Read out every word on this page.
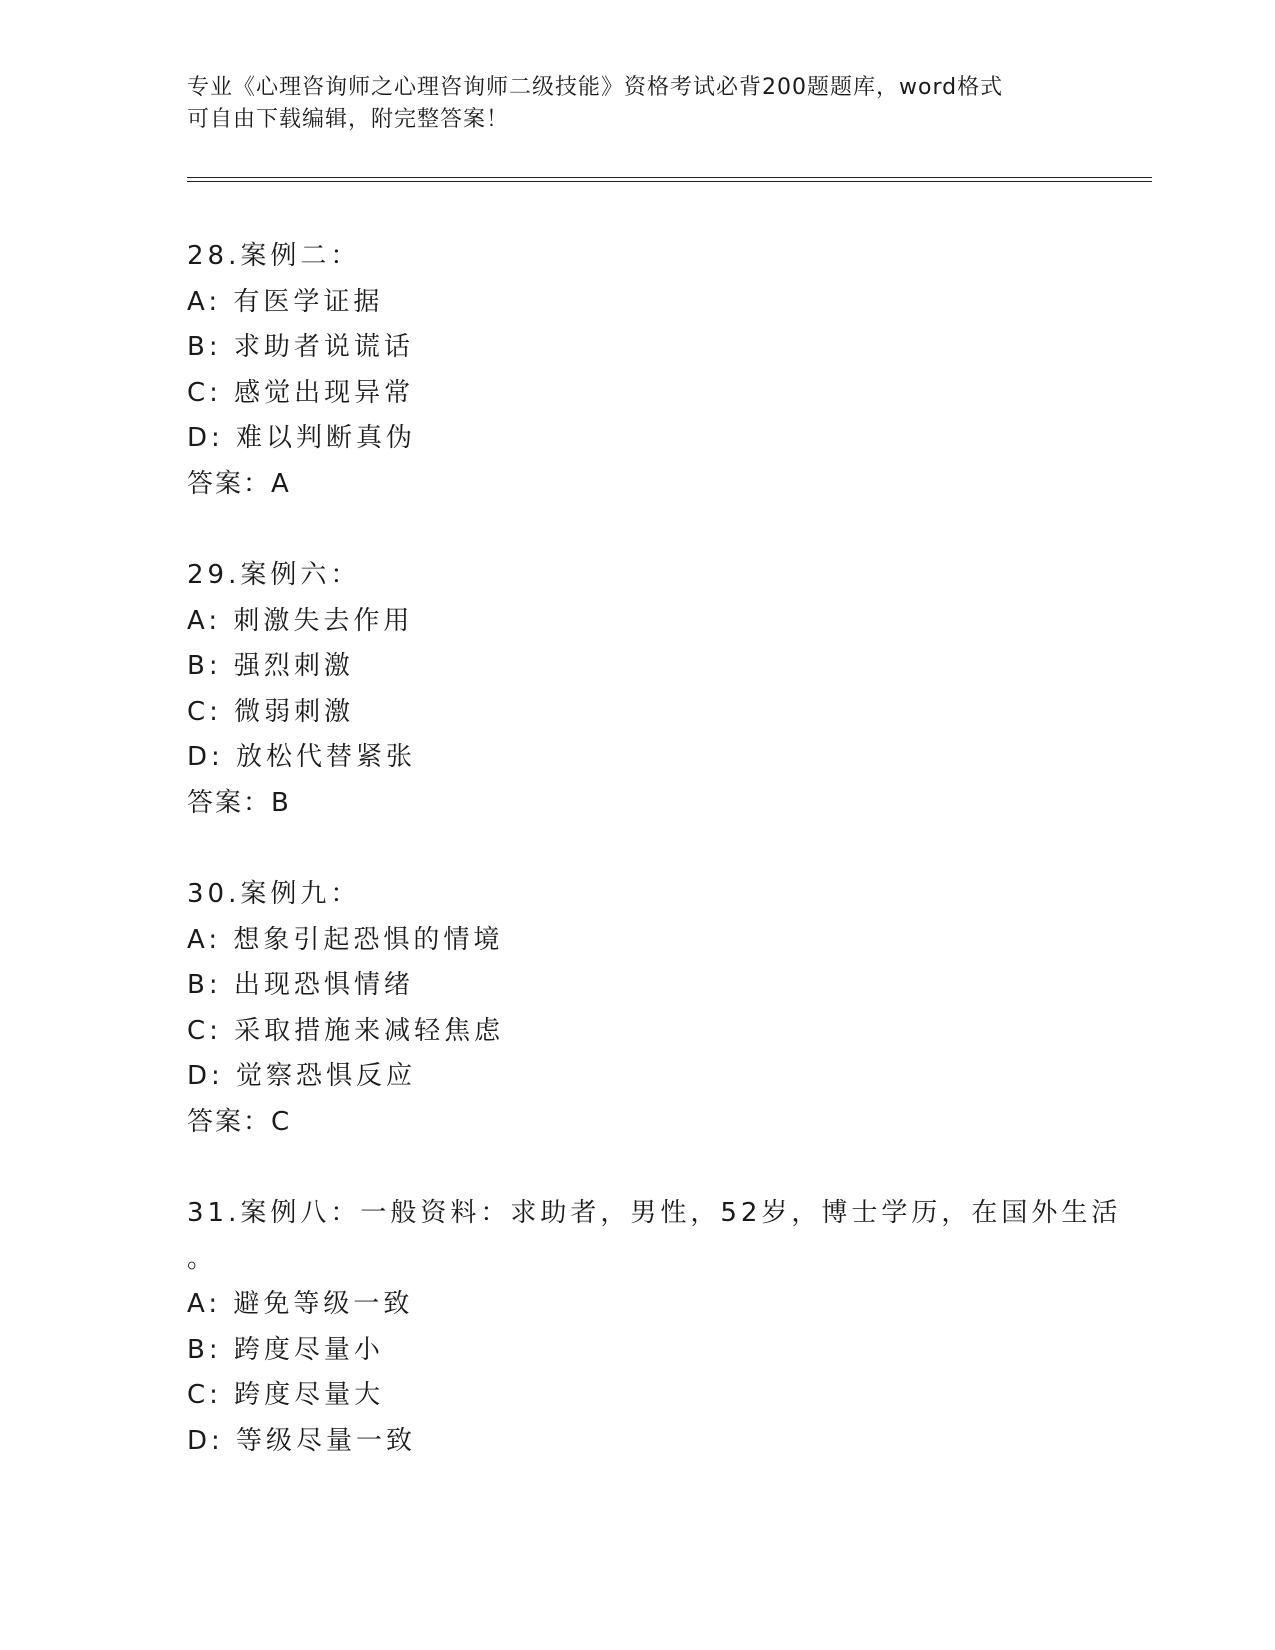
专业《心理咨询师之心理咨询师二级技能》资格考试必背200题题库，word格式
可自由下载编辑，附完整答案！
28.案例二：
A: 有医学证据
B: 求助者说谎话
C: 感觉出现异常
D: 难以判断真伪
答案：A
29.案例六：
A: 刺激失去作用
B: 强烈刺激
C: 微弱刺激
D: 放松代替紧张
答案：B
30.案例九：
A: 想象引起恐惧的情境
B: 出现恐惧情绪
C: 采取措施来减轻焦虑
D: 觉察恐惧反应
答案：C
31.案例八：一般资料：求助者，男性，52岁，博士学历，在国外生活
。
A: 避免等级一致
B: 跨度尽量小
C: 跨度尽量大
D: 等级尽量一致
